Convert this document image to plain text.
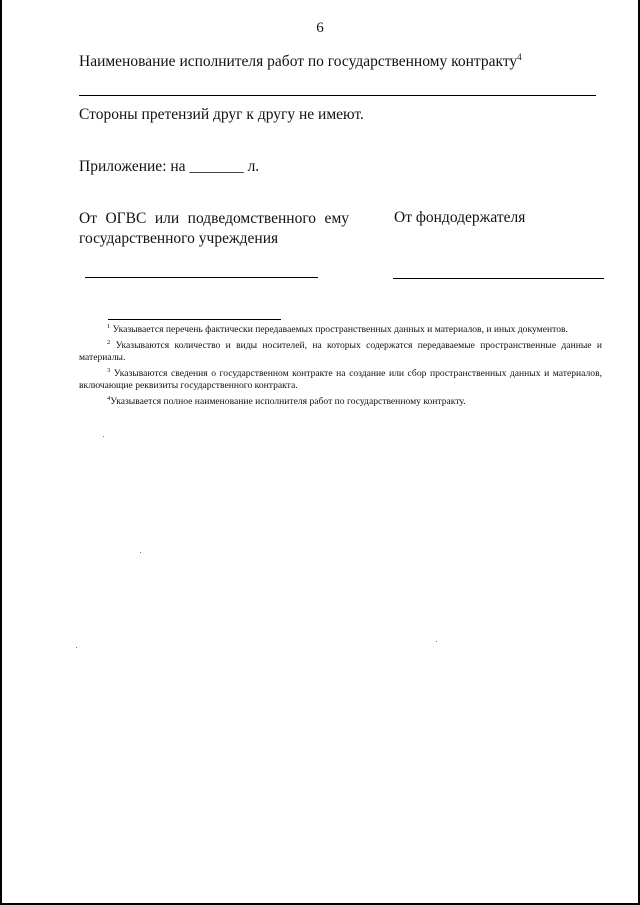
6
Наименование исполнителя работ по государственному контракту$^4$
Стороны претензий друг к другу не имеют.
Приложение: на _______ л.
От ОГВС или подведомственного ему государственного учреждения
От фондодержателя

$^1$ Указывается перечень фактически передаваемых пространственных данных и материалов, и иных документов.

$^2$ Указываются количество и виды носителей, на которых содержатся передаваемые пространственные данные и материалы.

$^3$ Указываются сведения о государственном контракте на создание или сбор пространственных данных и материалов, включающие реквизиты государственного контракта.

$^4$Указывается полное наименование исполнителя работ по государственному контракту.
